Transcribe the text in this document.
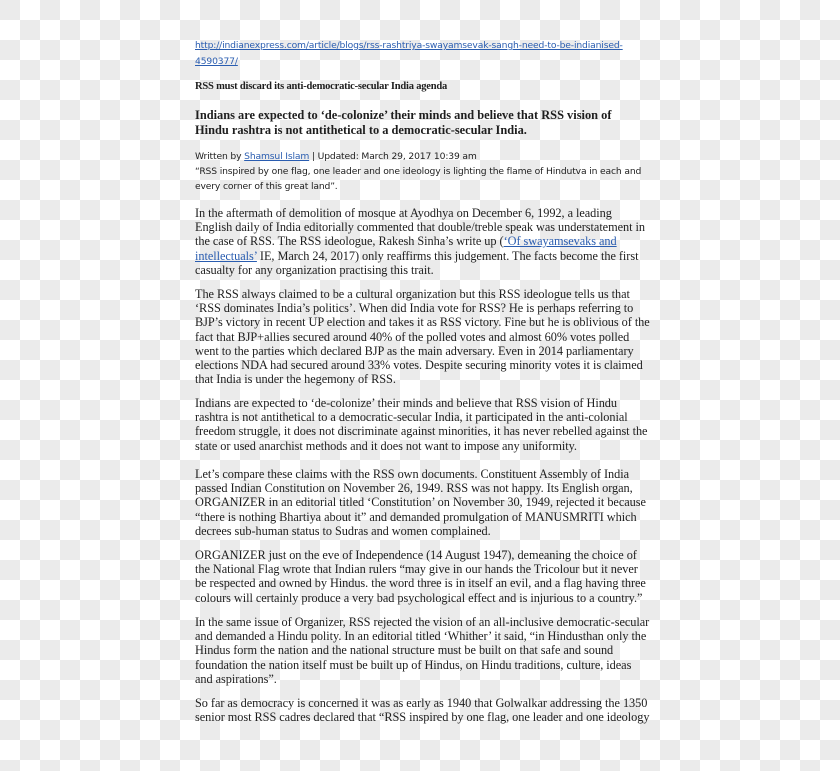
http://indianexpress.com/article/blogs/rss-rashtriya-swayamsevak-sangh-need-to-be-indianised-4590377/
RSS must discard its anti-democratic-secular India agenda
Indians are expected to ‘de-colonize’ their minds and believe that RSS vision of Hindu rashtra is not antithetical to a democratic-secular India.
Written by Shamsul Islam | Updated: March 29, 2017 10:39 am
“RSS inspired by one flag, one leader and one ideology is lighting the flame of Hindutva in each and every corner of this great land”.

In the aftermath of demolition of mosque at Ayodhya on December 6, 1992, a leading English daily of India editorially commented that double/treble speak was understatement in the case of RSS. The RSS ideologue, Rakesh Sinha’s write up (‘Of swayamsevaks and intellectuals’ IE, March 24, 2017) only reaffirms this judgement. The facts become the first casualty for any organization practising this trait.

The RSS always claimed to be a cultural organization but this RSS ideologue tells us that ‘RSS dominates India’s politics’. When did India vote for RSS? He is perhaps referring to BJP’s victory in recent UP election and takes it as RSS victory. Fine but he is oblivious of the fact that BJP+allies secured around 40% of the polled votes and almost 60% votes polled went to the parties which declared BJP as the main adversary. Even in 2014 parliamentary elections NDA had secured around 33% votes. Despite securing minority votes it is claimed that India is under the hegemony of RSS.

Indians are expected to ‘de-colonize’ their minds and believe that RSS vision of Hindu rashtra is not antithetical to a democratic-secular India, it participated in the anti-colonial freedom struggle, it does not discriminate against minorities, it has never rebelled against the state or used anarchist methods and it does not want to impose any uniformity.

Let’s compare these claims with the RSS own documents. Constituent Assembly of India passed Indian Constitution on November 26, 1949. RSS was not happy. Its English organ, ORGANIZER in an editorial titled ‘Constitution’ on November 30, 1949, rejected it because “there is nothing Bhartiya about it” and demanded promulgation of MANUSMRITI which decrees sub-human status to Sudras and women complained.

ORGANIZER just on the eve of Independence (14 August 1947), demeaning the choice of the National Flag wrote that Indian rulers “may give in our hands the Tricolour but it never be respected and owned by Hindus. the word three is in itself an evil, and a flag having three colours will certainly produce a very bad psychological effect and is injurious to a country.”

In the same issue of Organizer, RSS rejected the vision of an all-inclusive democratic-secular and demanded a Hindu polity. In an editorial titled ‘Whither’ it said, “in Hindusthan only the Hindus form the nation and the national structure must be built on that safe and sound foundation the nation itself must be built up of Hindus, on Hindu traditions, culture, ideas and aspirations”.

So far as democracy is concerned it was as early as 1940 that Golwalkar addressing the 1350 senior most RSS cadres declared that “RSS inspired by one flag, one leader and one ideology
